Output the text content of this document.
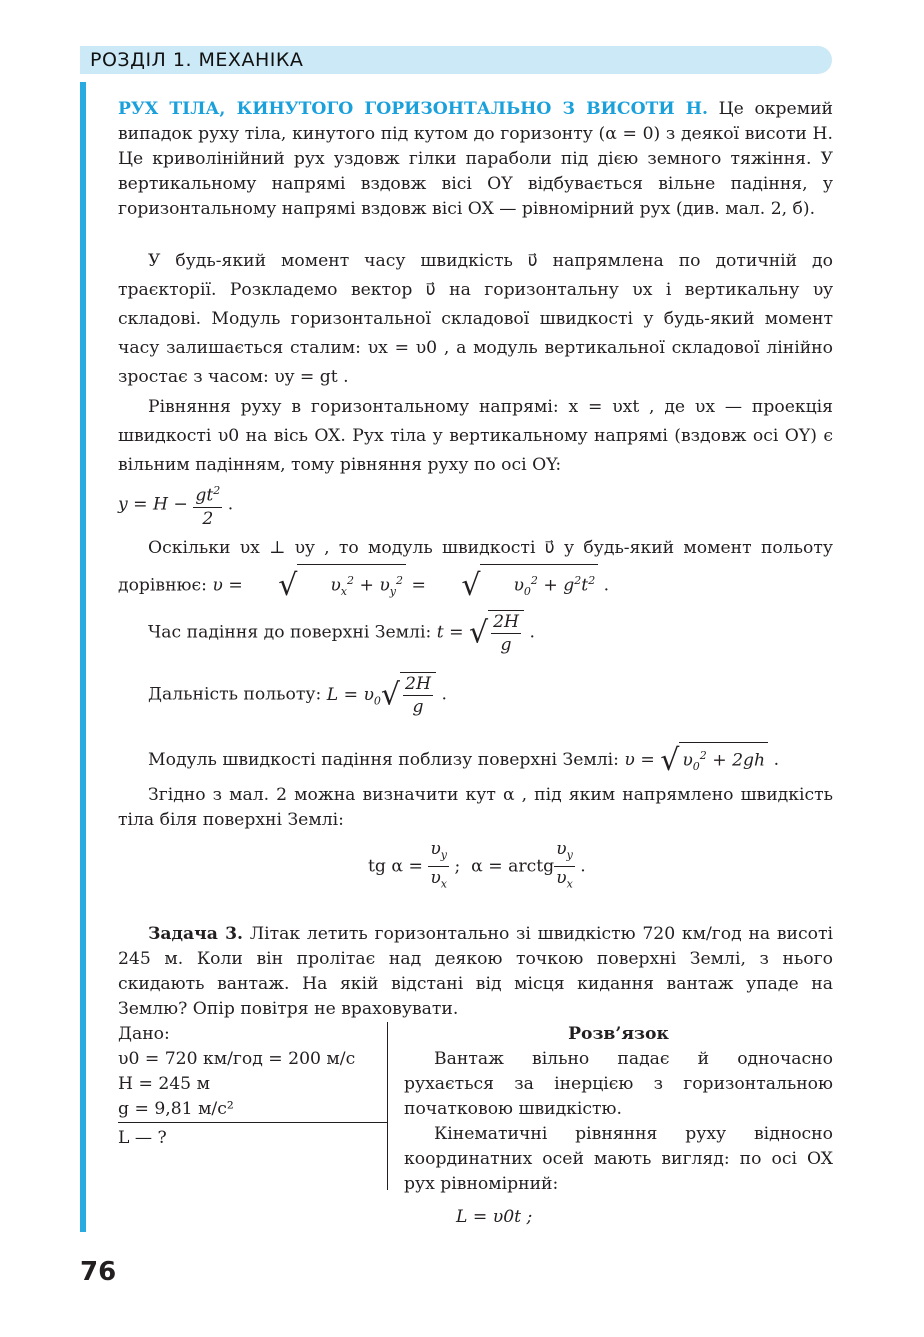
РОЗДІЛ 1. МЕХАНІКА

РУХ ТІЛА, КИНУТОГО ГОРИЗОНТАЛЬНО З ВИСОТИ H. Це окремий випадок руху тіла, кинутого під кутом до горизонту (α = 0) з деякої висоти H. Це криволінійний рух уздовж гілки параболи під дією земного тяжіння. У вертикальному напрямі вздовж вісі OY відбувається вільне падіння, у горизонтальному напрямі вздовж вісі OX — рівномірний рух (див. мал. 2, б).

У будь-який момент часу швидкість υ⃗ напрямлена по дотичній до траєкторії. Розкладемо вектор υ⃗ на горизонтальну υx і вертикальну υy складові. Модуль горизонтальної складової швидкості у будь-який момент часу залишається сталим: υx = υ0 , а модуль вертикальної складової лінійно зростає з часом: υy = gt .

Рівняння руху в горизонтальному напрямі: x = υxt , де υx — проекція швидкості υ0 на вісь OX. Рух тіла у вертикальному напрямі (вздовж осі OY) є вільним падінням, тому рівняння руху по осі OY:

$y = H - \frac{gt^2}{2}$ .

Оскільки υx ⊥ υy , то модуль швидкості υ⃗ у будь-який момент польоту дорівнює: υ = √ $\upsilon_x^2 + \upsilon_y^2$ = √ $\upsilon_0^2 + g^2t^2$ .

Час падіння до поверхні Землі: t = √ $\frac{2H}{g}$ .
Дальність польоту: $L = \upsilon_0√ \frac{2H}{g}$ .
Модуль швидкості падіння поблизу поверхні Землі: υ = √ $\upsilon_0^2 + 2gh$ .

Згідно з мал. 2 можна визначити кут α , під яким напрямлено швидкість тіла біля поверхні Землі:

tg $\alpha = \frac{\upsilon_y}{\upsilon_x}$ ;  α = arctg $\frac{\upsilon_y}{\upsilon_x}$ .

Задача 3. Літак летить горизонтально зі швидкістю 720 км/год на висоті 245 м. Коли він пролітає над деякою точкою поверхні Землі, з нього скидають вантаж. На якій відстані від місця кидання вантаж упаде на Землю? Опір повітря не враховувати.

Дано:
υ0 = 720 км/год = 200 м/с
H = 245 м
g = 9,81 м/с²
L — ?
Розв’язок

Вантаж вільно падає й одночасно рухається за інерцією з горизонтальною початковою швидкістю.

Кінематичні рівняння руху відносно координатних осей мають вигляд: по осі OX рух рівномірний:

L = υ0t ;
76
